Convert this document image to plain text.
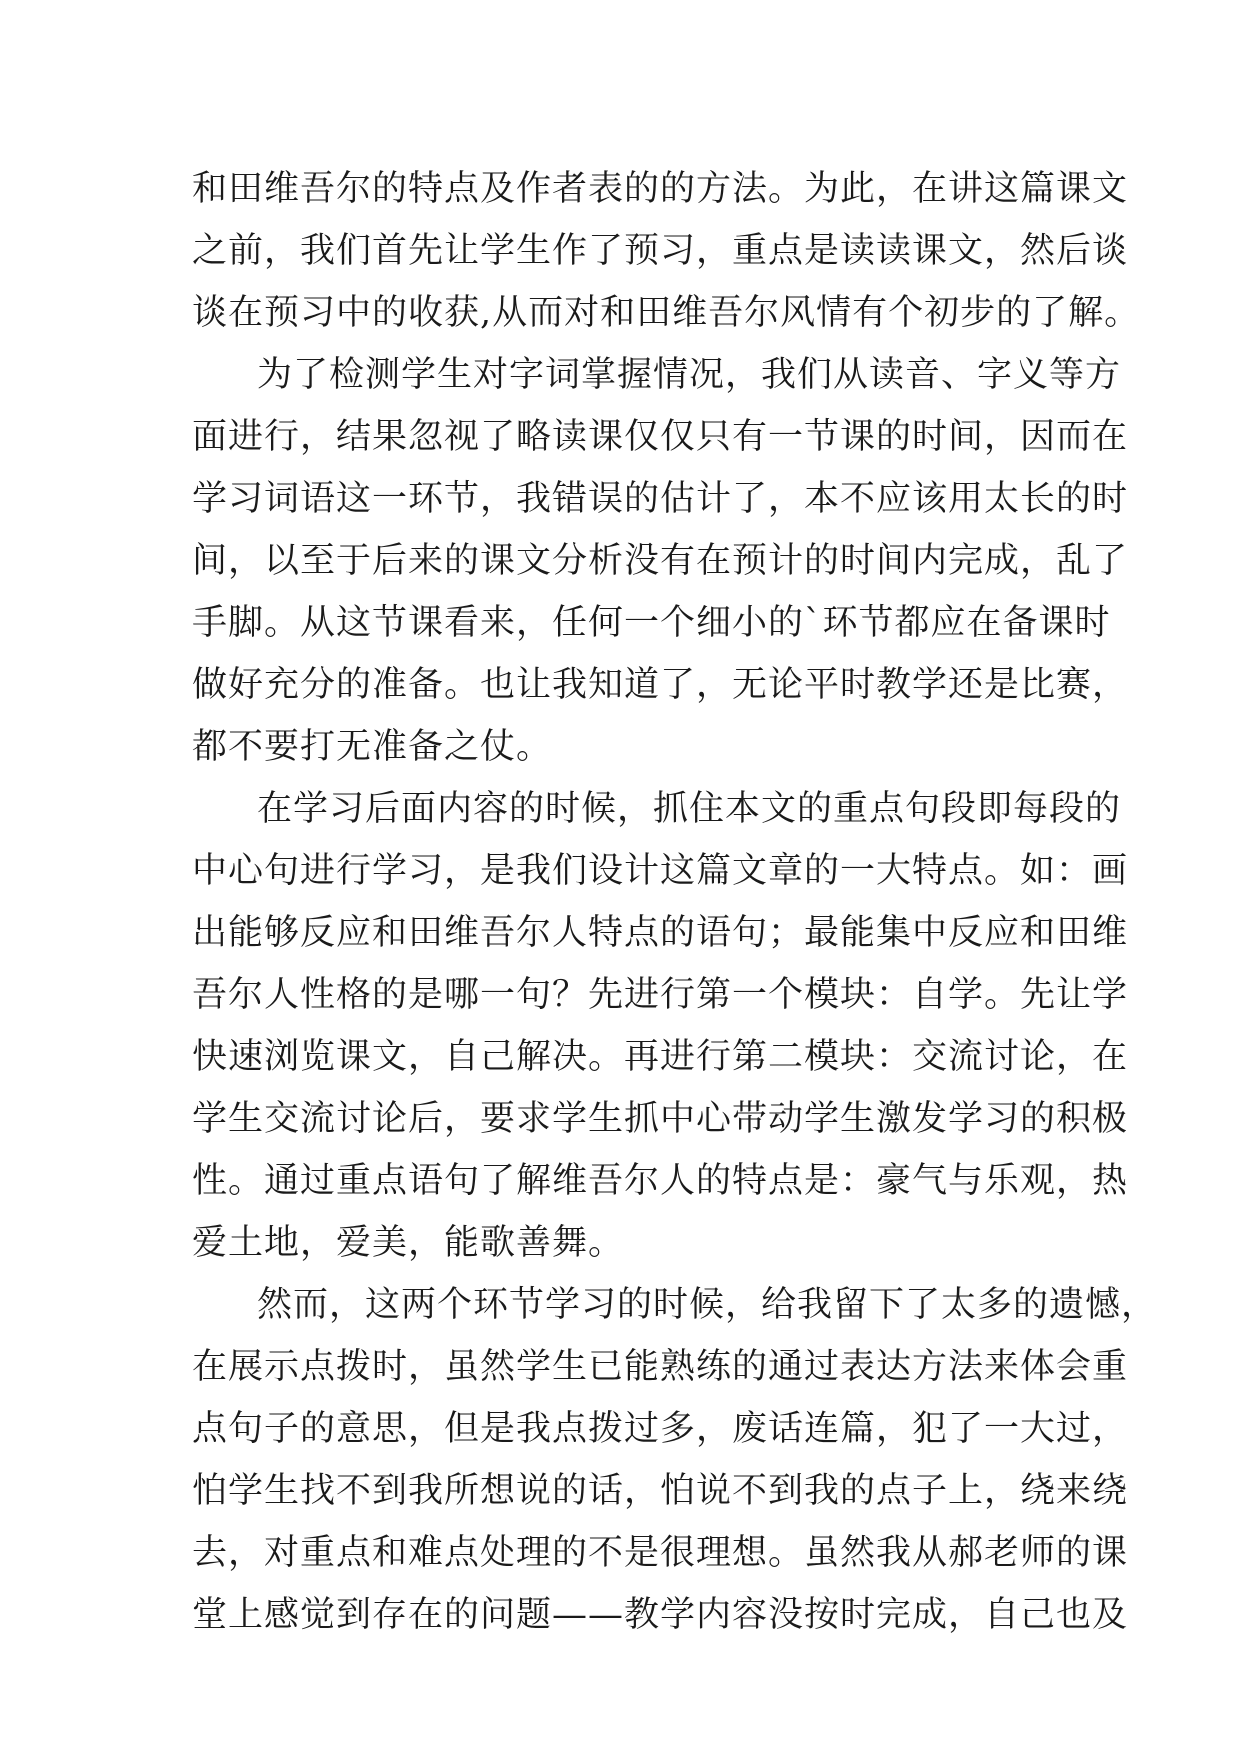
和田维吾尔的特点及作者表的的方法。为此，在讲这篇课文
之前，我们首先让学生作了预习，重点是读读课文，然后谈
谈在预习中的收获,从而对和田维吾尔风情有个初步的了解。
为了检测学生对字词掌握情况，我们从读音、字义等方
面进行，结果忽视了略读课仅仅只有一节课的时间，因而在
学习词语这一环节，我错误的估计了，本不应该用太长的时
间，以至于后来的课文分析没有在预计的时间内完成，乱了
手脚。从这节课看来，任何一个细小的`环节都应在备课时
做好充分的准备。也让我知道了，无论平时教学还是比赛，
都不要打无准备之仗。
在学习后面内容的时候，抓住本文的重点句段即每段的
中心句进行学习，是我们设计这篇文章的一大特点。如：画
出能够反应和田维吾尔人特点的语句；最能集中反应和田维
吾尔人性格的是哪一句？先进行第一个模块：自学。先让学
快速浏览课文，自己解决。再进行第二模块：交流讨论，在
学生交流讨论后，要求学生抓中心带动学生激发学习的积极
性。通过重点语句了解维吾尔人的特点是：豪气与乐观，热
爱土地，爱美，能歌善舞。
然而，这两个环节学习的时候，给我留下了太多的遗憾，
在展示点拨时，虽然学生已能熟练的通过表达方法来体会重
点句子的意思，但是我点拨过多，废话连篇，犯了一大过，
怕学生找不到我所想说的话，怕说不到我的点子上，绕来绕
去，对重点和难点处理的不是很理想。虽然我从郝老师的课
堂上感觉到存在的问题——教学内容没按时完成，自己也及
